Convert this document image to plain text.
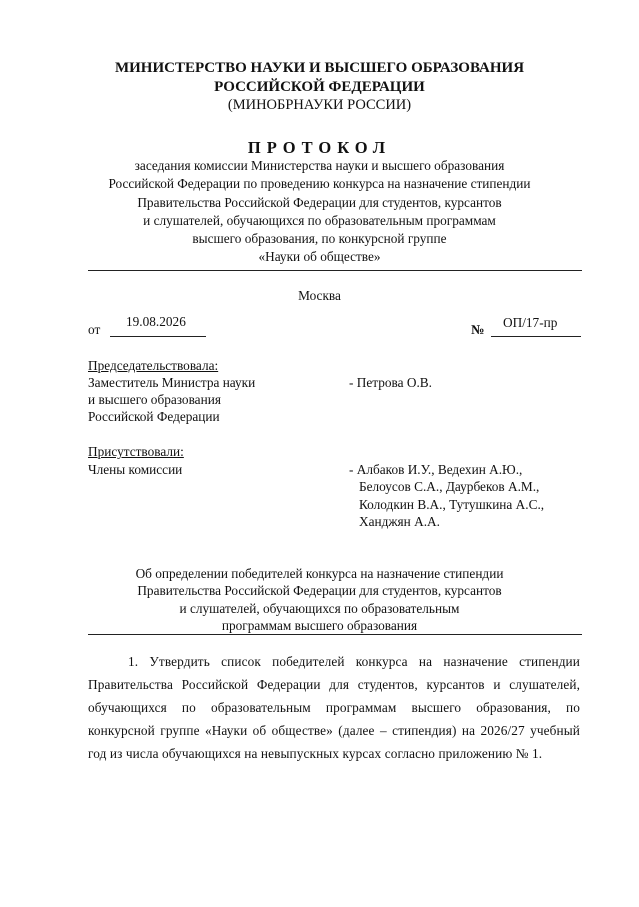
МИНИСТЕРСТВО НАУКИ И ВЫСШЕГО ОБРАЗОВАНИЯ
РОССИЙСКОЙ ФЕДЕРАЦИИ
(МИНОБРНАУКИ РОССИИ)
ПРОТОКОЛ
заседания комиссии Министерства науки и высшего образования
Российской Федерации по проведению конкурса на назначение стипендии
Правительства Российской Федерации для студентов, курсантов
и слушателей, обучающихся по образовательным программам
высшего образования, по конкурсной группе
«Науки об обществе»
Москва
от
19.08.2026
№ ОП/17-пр
Председательствовала:
Заместитель Министра науки
и высшего образования
Российской Федерации
- Петрова О.В.
Присутствовали:
Члены комиссии	- Албаков И.У., Ведехин А.Ю.,
Белоусов С.А., Даурбеков А.М.,
Колодкин В.А., Тутушкина А.С.,
Ханджян А.А.
Об определении победителей конкурса на назначение стипендии
Правительства Российской Федерации для студентов, курсантов
и слушателей, обучающихся по образовательным
программам высшего образования
1. Утвердить список победителей конкурса на назначение стипендии Правительства Российской Федерации для студентов, курсантов и слушателей, обучающихся по образовательным программам высшего образования, по конкурсной группе «Науки об обществе» (далее – стипендия) на 2026/27 учебный год из числа обучающихся на невыпускных курсах согласно приложению № 1.
